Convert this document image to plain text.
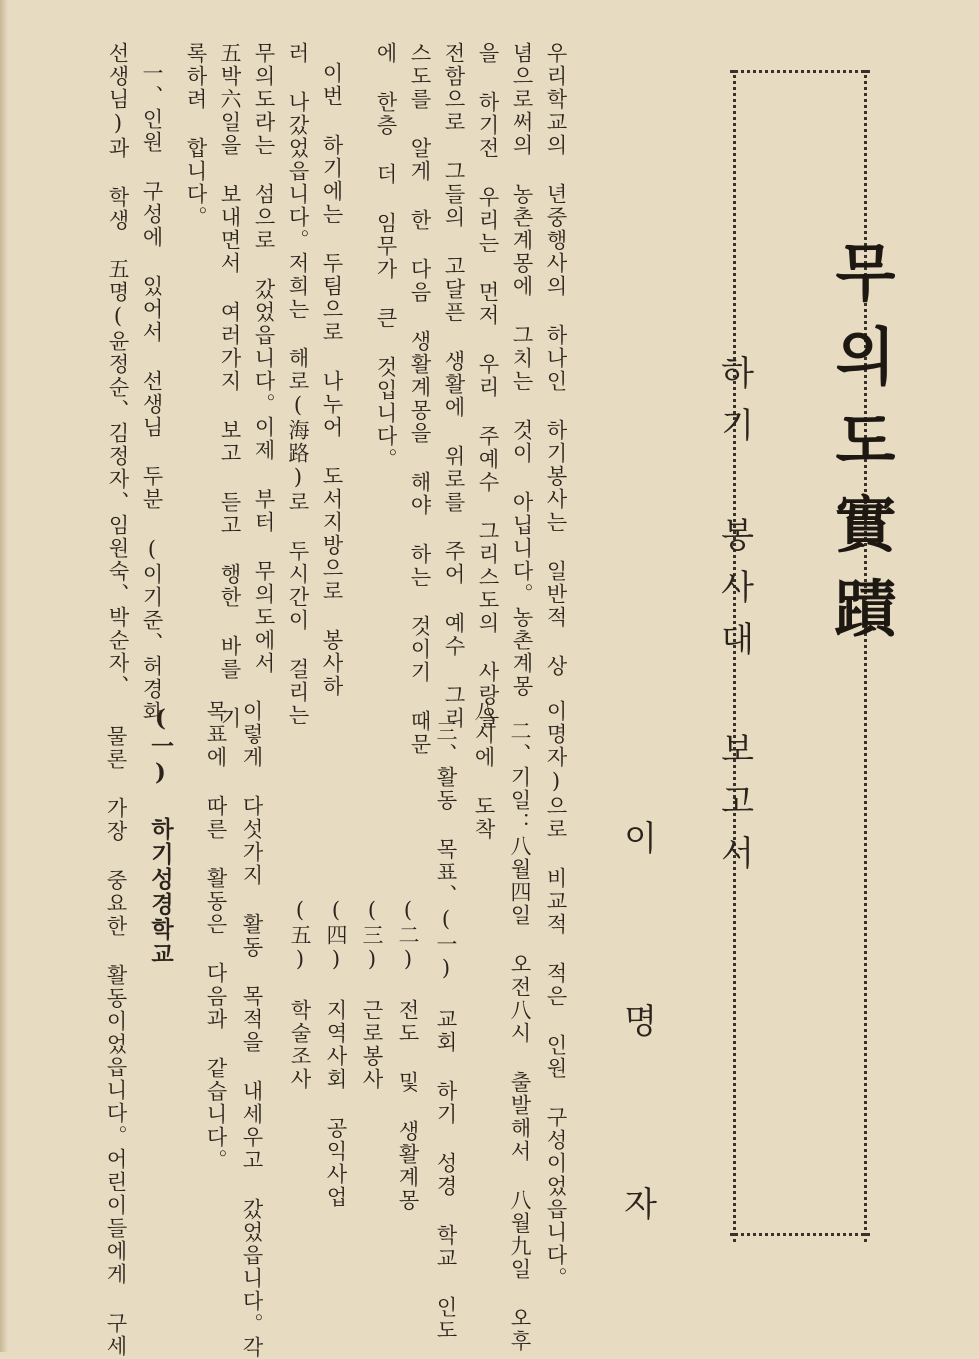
무의도實蹟
하기 봉사대 보고서
이 명 자
우리학교의 년중행사의 하나인 하기봉사는 일반적 상
념으로써의 농촌계몽에 그치는 것이 아닙니다。농촌계몽
을 하기전 우리는 먼저 우리 주예수 그리스도의 사랑을
전함으로 그들의 고달픈 생활에 위로를 주어 예수 그리
스도를 알게 한 다음 생활계몽을 해야 하는 것이기 때문
에 한층 더 임무가 큰 것입니다。
이번 하기에는 두팀으로 나누어 도서지방으로 봉사하
러 나갔었읍니다。저희는 해로(海路)로 두시간이 걸리는
무의도라는 섬으로 갔었읍니다。이제 부터 무의도에서
五박六일을 보내면서 여러가지 보고 듣고 행한 바를 기
록하려 합니다。
一、인원 구성에 있어서 선생님 두분 (이기준、허경화
선생님)과 학생 五명(윤정순、김정자、임원숙、박순자、
이명자)으로 비교적 적은 인원 구성이었읍니다。
二、기일：八월四일 오전八시 출발해서 八월九일 오후
八시에 도착
三、활동 목표、(一) 교회 하기 성경 학교 인도
(二) 전도 및 생활계몽
(三) 근로봉사
(四) 지역사회 공익사업
(五) 학술조사
이렇게 다섯가지 활동 목적을 내세우고 갔었읍니다。각
목표에 따른 활동은 다음과 같습니다。
(一) 하기성경학교
물론 가장 중요한 활동이었읍니다。어린이들에게 구세
